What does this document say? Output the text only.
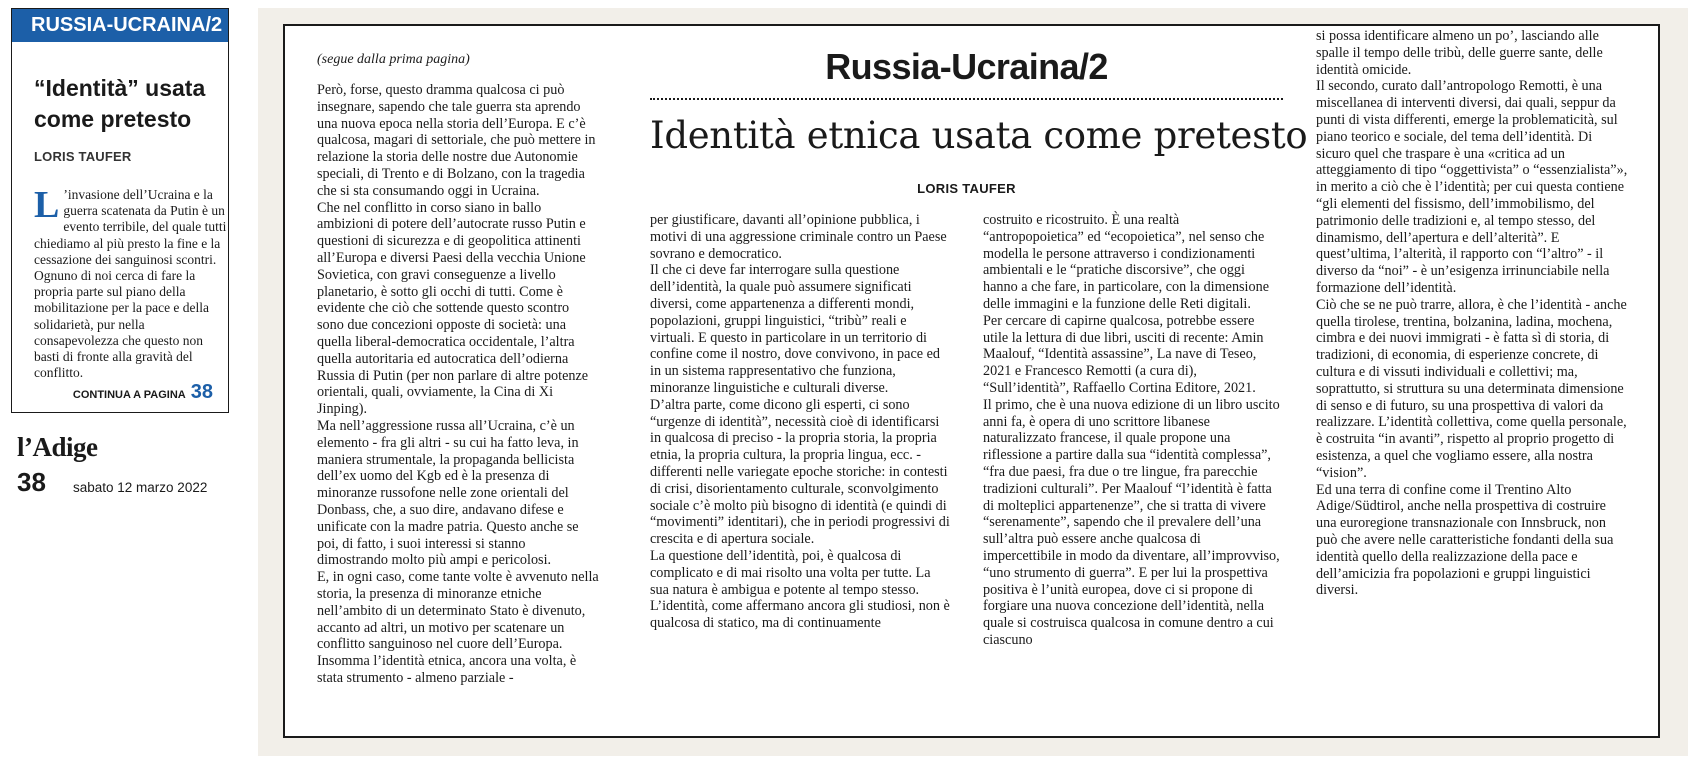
RUSSIA-UCRAINA/2
“Identità” usata come pretesto
LORIS TAUFER

L ’invasione dell’Ucraina e la guerra scatenata da Putin è un evento terribile, del quale tutti chiediamo al più presto la fine e la cessazione dei sanguinosi scontri. Ognuno di noi cerca di fare la propria parte sul piano della mobilitazione per la pace e della solidarietà, pur nella consapevolezza che questo non basti di fronte alla gravità del conflitto.

CONTINUA A PAGINA 38
l’Adige
38 sabato 12 marzo 2022
(segue dalla prima pagina)	Russia-Ucraina/2
Identità etnica usata come pretesto
LORIS TAUFER

Però, forse, questo dramma qualcosa ci può insegnare, sapendo che tale guerra sta aprendo una nuova epoca nella storia dell’Europa. E c’è qualcosa, magari di settoriale, che può mettere in relazione la storia delle nostre due Autonomie speciali, di Trento e di Bolzano, con la tragedia che si sta consumando oggi in Ucraina.

Che nel conflitto in corso siano in ballo ambizioni di potere dell’autocrate russo Putin e questioni di sicurezza e di geopolitica attinenti all’Europa e diversi Paesi della vecchia Unione Sovietica, con gravi conseguenze a livello planetario, è sotto gli occhi di tutti. Come è evidente che ciò che sottende questo scontro sono due concezioni opposte di società: una quella liberal-democratica occidentale, l’altra quella autoritaria ed autocratica dell’odierna Russia di Putin (per non parlare di altre potenze orientali, quali, ovviamente, la Cina di Xi Jinping).

Ma nell’aggressione russa all’Ucraina, c’è un elemento - fra gli altri - su cui ha fatto leva, in maniera strumentale, la propaganda bellicista dell’ex uomo del Kgb ed è la presenza di minoranze russofone nelle zone orientali del Donbass, che, a suo dire, andavano difese e unificate con la madre patria. Questo anche se poi, di fatto, i suoi interessi si stanno dimostrando molto più ampi e pericolosi.

E, in ogni caso, come tante volte è avvenuto nella storia, la presenza di minoranze etniche nell’ambito di un determinato Stato è divenuto, accanto ad altri, un motivo per scatenare un conflitto sanguinoso nel cuore dell’Europa.

Insomma l’identità etnica, ancora una volta, è stata strumento - almeno parziale -

per giustificare, davanti all’opinione pubblica, i motivi di una aggressione criminale contro un Paese sovrano e democratico.

Il che ci deve far interrogare sulla questione dell’identità, la quale può assumere significati diversi, come appartenenza a differenti mondi, popolazioni, gruppi linguistici, “tribù” reali e virtuali. E questo in particolare in un territorio di confine come il nostro, dove convivono, in pace ed in un sistema rappresentativo che funziona, minoranze linguistiche e culturali diverse.

D’altra parte, come dicono gli esperti, ci sono “urgenze di identità”, necessità cioè di identificarsi in qualcosa di preciso - la propria storia, la propria etnia, la propria cultura, la propria lingua, ecc. - differenti nelle variegate epoche storiche: in contesti di crisi, disorientamento culturale, sconvolgimento sociale c’è molto più bisogno di identità (e quindi di “movimenti” identitari), che in periodi progressivi di crescita e di apertura sociale.

La questione dell’identità, poi, è qualcosa di complicato e di mai risolto una volta per tutte. La sua natura è ambigua e potente al tempo stesso. L’identità, come affermano ancora gli studiosi, non è qualcosa di statico, ma di continuamente

costruito e ricostruito. È una realtà “antropopoietica” ed “ecopoietica”, nel senso che modella le persone attraverso i condizionamenti ambientali e le “pratiche discorsive”, che oggi hanno a che fare, in particolare, con la dimensione delle immagini e la funzione delle Reti digitali.

Per cercare di capirne qualcosa, potrebbe essere utile la lettura di due libri, usciti di recente: Amin Maalouf, “Identità assassine”, La nave di Teseo, 2021 e Francesco Remotti (a cura di), “Sull’identità”, Raffaello Cortina Editore, 2021.

Il primo, che è una nuova edizione di un libro uscito anni fa, è opera di uno scrittore libanese naturalizzato francese, il quale propone una riflessione a partire dalla sua “identità complessa”, “fra due paesi, fra due o tre lingue, fra parecchie tradizioni culturali”. Per Maalouf “l’identità è fatta di molteplici appartenenze”, che si tratta di vivere “serenamente”, sapendo che il prevalere dell’una sull’altra può essere anche qualcosa di impercettibile in modo da diventare, all’improvviso, “uno strumento di guerra”. E per lui la prospettiva positiva è l’unità europea, dove ci si propone di forgiare una nuova concezione dell’identità, nella quale si costruisca qualcosa in comune dentro a cui ciascuno

si possa identificare almeno un po’, lasciando alle spalle il tempo delle tribù, delle guerre sante, delle identità omicide.

Il secondo, curato dall’antropologo Remotti, è una miscellanea di interventi diversi, dai quali, seppur da punti di vista differenti, emerge la problematicità, sul piano teorico e sociale, del tema dell’identità. Di sicuro quel che traspare è una «critica ad un atteggiamento di tipo “oggettivista” o “essenzialista”», in merito a ciò che è l’identità; per cui questa contiene “gli elementi del fissismo, dell’immobilismo, del patrimonio delle tradizioni e, al tempo stesso, del dinamismo, dell’apertura e dell’alterità”. E quest’ultima, l’alterità, il rapporto con “l’altro” - il diverso da “noi” - è un’esigenza irrinunciabile nella formazione dell’identità.

Ciò che se ne può trarre, allora, è che l’identità - anche quella tirolese, trentina, bolzanina, ladina, mochena, cimbra e dei nuovi immigrati - è fatta sì di storia, di tradizioni, di economia, di esperienze concrete, di cultura e di vissuti individuali e collettivi; ma, soprattutto, si struttura su una determinata dimensione di senso e di futuro, su una prospettiva di valori da realizzare. L’identità collettiva, come quella personale, è costruita “in avanti”, rispetto al proprio progetto di esistenza, a quel che vogliamo essere, alla nostra “vision”.

Ed una terra di confine come il Trentino Alto Adige/Südtirol, anche nella prospettiva di costruire una euroregione transnazionale con Innsbruck, non può che avere nelle caratteristiche fondanti della sua identità quello della realizzazione della pace e dell’amicizia fra popolazioni e gruppi linguistici diversi.
